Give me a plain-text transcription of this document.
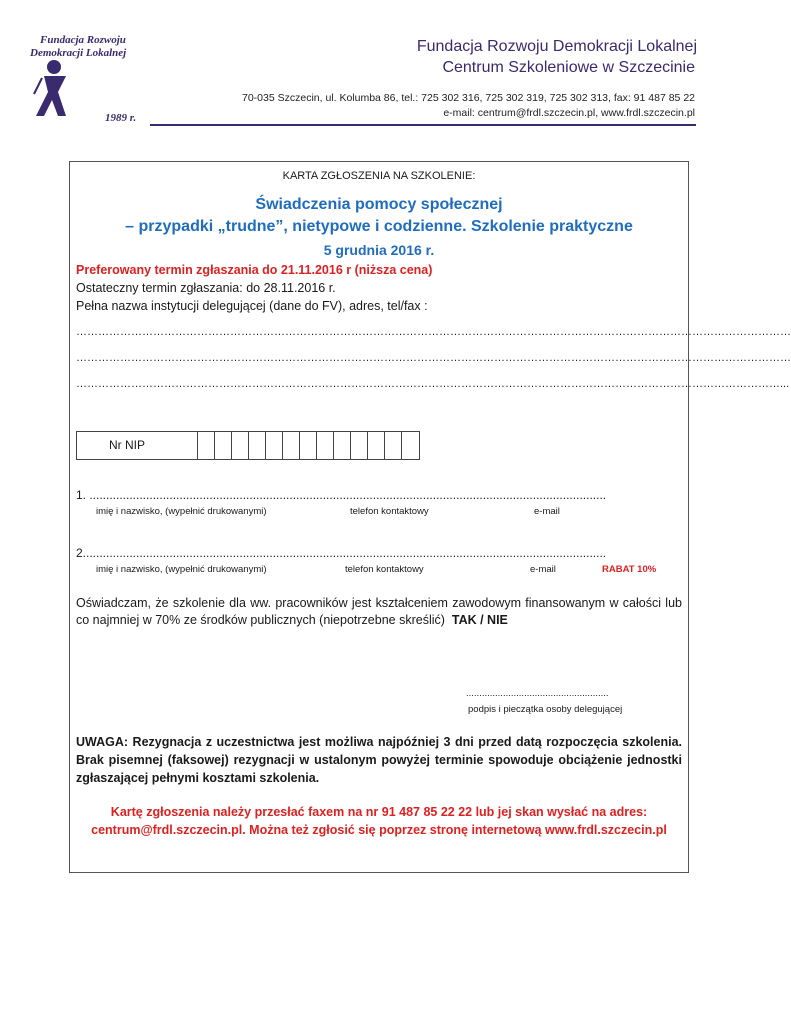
Fundacja Rozwoju
Demokracji Lokalnej
1989 r.
Fundacja Rozwoju Demokracji Lokalnej
Centrum Szkoleniowe w Szczecinie
70-035 Szczecin, ul. Kolumba 86, tel.: 725 302 316, 725 302 319, 725 302 313, fax: 91 487 85 22
e-mail: centrum@frdl.szczecin.pl, www.frdl.szczecin.pl
KARTA ZGŁOSZENIA NA SZKOLENIE:
Świadczenia pomocy społecznej
– przypadki „trudne”, nietypowe i codzienne. Szkolenie praktyczne
5 grudnia 2016 r.
Preferowany termin zgłaszania do 21.11.2016 r (niższa cena)
Ostateczny termin zgłaszania: do 28.11.2016 r.
Pełna nazwa instytucji delegującej (dane do FV), adres, tel/fax :
……………………………………………………………………………………………………………………………………………………………………………
……………………………………………………………………………………………………………………………………………………………………………
…………………………………………………………………………………………………………………………………………………………………………...
Nr NIP
1. ...........................................................................................................................................................
imię i nazwisko, (wypełnić drukowanymi)	telefon kontaktowy	e-mail
2.............................................................................................................................................................
imię i nazwisko, (wypełnić drukowanymi)	telefon kontaktowy	e-mail	RABAT 10%
Oświadczam, że szkolenie dla ww. pracowników jest kształceniem zawodowym finansowanym w całości lub co najmniej w 70% ze środków publicznych (niepotrzebne skreślić) TAK / NIE
......................................................
podpis i pieczątka osoby delegującej
UWAGA: Rezygnacja z uczestnictwa jest możliwa najpóźniej 3 dni przed datą rozpoczęcia szkolenia. Brak pisemnej (faksowej) rezygnacji w ustalonym powyżej terminie spowoduje obciążenie jednostki zgłaszającej pełnymi kosztami szkolenia.
Kartę zgłoszenia należy przesłać faxem na nr 91 487 85 22 22 lub jej skan wysłać na adres:
centrum@frdl.szczecin.pl. Można też zgłosić się poprzez stronę internetową www.frdl.szczecin.pl
